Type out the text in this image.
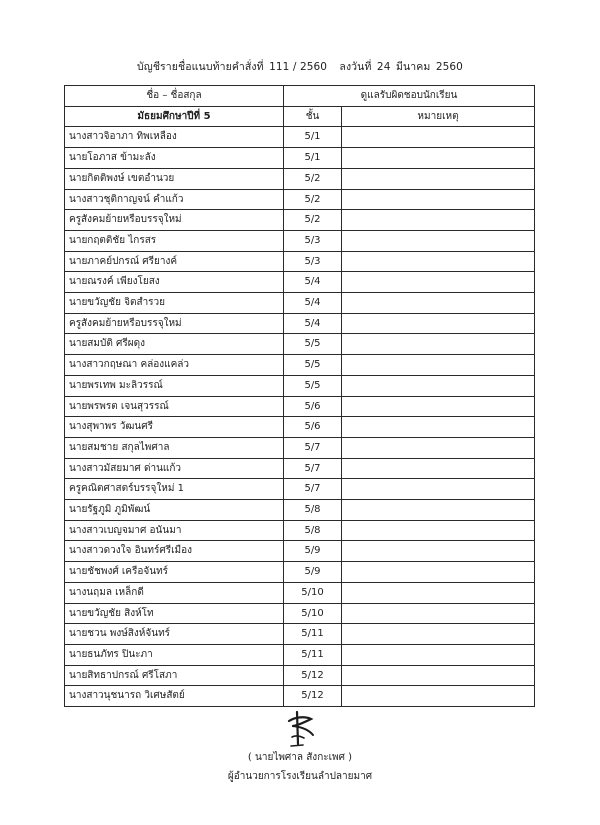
บัญชีรายชื่อแนบท้ายคำสั่งที่ 111 / 2560 ลงวันที่ 24 มีนาคม 2560
ชื่อ – ชื่อสกุล	ดูแลรับผิดชอบนักเรียน	
มัธยมศึกษาปีที่ 5	ชั้น	หมายเหตุ
นางสาวจิอาภา ทิพเหลือง	5/1	
นายโอภาส ข้ามะลัง	5/1	
นายกิตติพงษ์ เขตอำนวย	5/2	
นางสาวชุติกาญจน์ คำแก้ว	5/2	
ครูสังคมย้ายหรือบรรจุใหม่	5/2	
นายกฤตติชัย ไกรสร	5/3	
นายภาคย์ปกรณ์ ศรียางค์	5/3	
นายณรงค์ เพียงโยสง	5/4	
นายขวัญชัย จิตสำรวย	5/4	
ครูสังคมย้ายหรือบรรจุใหม่	5/4	
นายสมบัติ ศรีผดุง	5/5	
นางสาวกฤษณา คล่องแคล่ว	5/5	
นายพรเทพ มะลิวรรณ์	5/5	
นายพรพรต เจนสุวรรณ์	5/6	
นางสุพาพร วัฒนศรี	5/6	
นายสมชาย สกุลไพศาล	5/7	
นางสาวมัสยมาศ ด่านแก้ว	5/7	
ครูคณิตศาสตร์บรรจุใหม่ 1	5/7	
นายรัฐภูมิ ภูมิพัฒน์	5/8	
นางสาวเบญจมาศ อนันมา	5/8	
นางสาวดวงใจ อินทร์ศรีเมือง	5/9	
นายชัชพงศ์ เครือจันทร์	5/9	
นางนฤมล เหล็กดี	5/10	
นายขวัญชัย สิงห์โท	5/10	
นายชวน พงษ์สิงห์จันทร์	5/11	
นายธนภัทร ปินะภา	5/11	
นายสิทธาปกรณ์ ศรีโสภา	5/12	
นางสาวนุชนารถ วิเศษสัตย์	5/12	
( นายไพศาล สังกะเพศ )
ผู้อำนวยการโรงเรียนลำปลายมาศ
